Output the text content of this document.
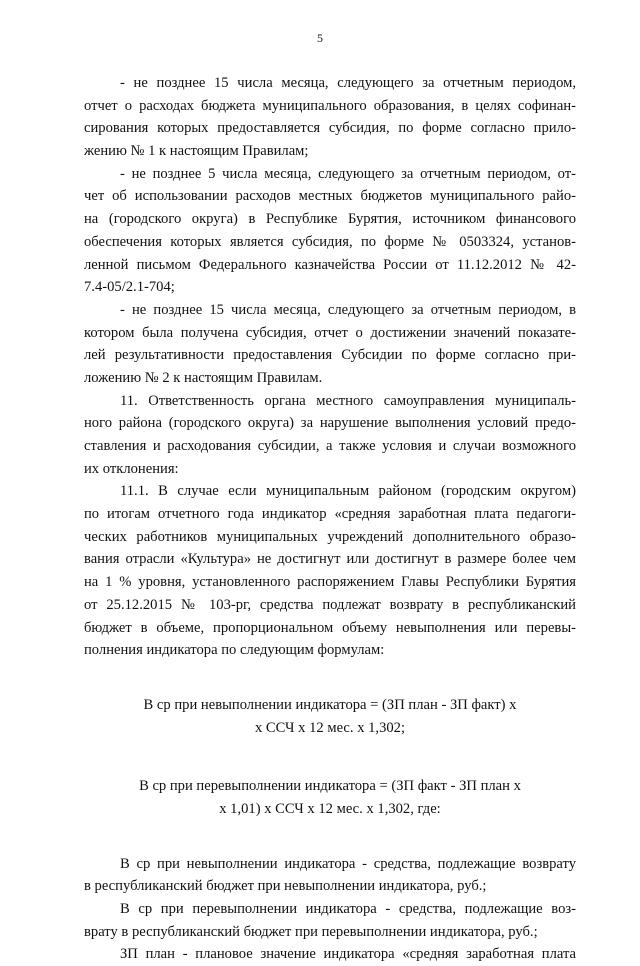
5
- не позднее 15 числа месяца, следующего за отчетным периодом,
отчет о расходах бюджета муниципального образования, в целях софинан-
сирования которых предоставляется субсидия, по форме согласно прило-
жению № 1 к настоящим Правилам;
- не позднее 5 числа месяца, следующего за отчетным периодом, от-
чет об использовании расходов местных бюджетов муниципального райо-
на (городского округа) в Республике Бурятия, источником финансового
обеспечения которых является субсидия, по форме № 0503324, установ-
ленной письмом Федерального казначейства России от 11.12.2012 № 42-
7.4-05/2.1-704;
- не позднее 15 числа месяца, следующего за отчетным периодом, в
котором была получена субсидия, отчет о достижении значений показате-
лей результативности предоставления Субсидии по форме согласно при-
ложению № 2 к настоящим Правилам.
11. Ответственность органа местного самоуправления муниципаль-
ного района (городского округа) за нарушение выполнения условий предо-
ставления и расходования субсидии, а также условия и случаи возможного
их отклонения:
11.1. В случае если муниципальным районом (городским округом)
по итогам отчетного года индикатор «средняя заработная плата педагоги-
ческих работников муниципальных учреждений дополнительного образо-
вания отрасли «Культура» не достигнут или достигнут в размере более чем
на 1 % уровня, установленного распоряжением Главы Республики Бурятия
от 25.12.2015 № 103-рг, средства подлежат возврату в республиканский
бюджет в объеме, пропорциональном объему невыполнения или перевы-
полнения индикатора по следующим формулам:
В ср при невыполнении индикатора = (ЗП план - ЗП факт) х
х ССЧ х 12 мес. х 1,302;
В ср при перевыполнении индикатора = (ЗП факт - ЗП план х
х 1,01) х ССЧ х 12 мес. х 1,302, где:
В ср при невыполнении индикатора - средства, подлежащие возврату
в республиканский бюджет при невыполнении индикатора, руб.;
В ср при перевыполнении индикатора - средства, подлежащие воз-
врату в республиканский бюджет при перевыполнении индикатора, руб.;
ЗП план - плановое значение индикатора «средняя заработная плата
